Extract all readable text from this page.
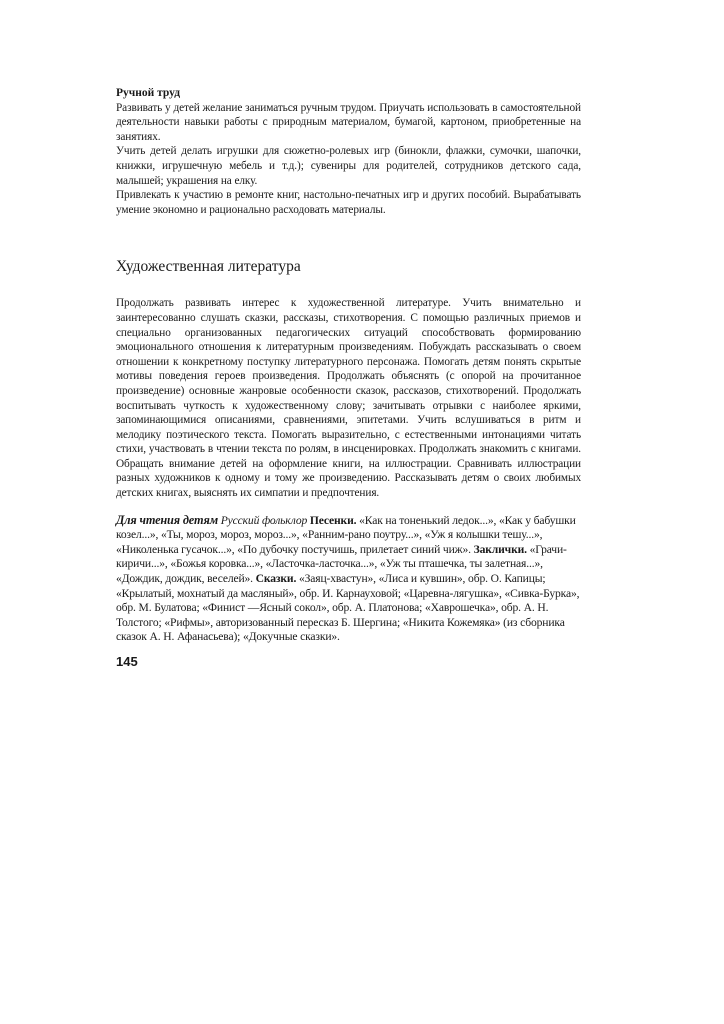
Ручной труд

Развивать у детей желание заниматься ручным трудом. Приучать использовать в самостоятельной деятельности навыки работы с природным материалом, бумагой, картоном, приобретенные на занятиях.

Учить детей делать игрушки для сюжетно-ролевых игр (бинокли, флажки, сумочки, шапочки, книжки, игрушечную мебель и т.д.); сувениры для родителей, сотрудников детского сада, малышей; украшения на елку.

Привлекать к участию в ремонте книг, настольно-печатных игр и других пособий. Вырабатывать умение экономно и рационально расходовать материалы.

Художественная литература

Продолжать развивать интерес к художественной литературе. Учить внимательно и заинтересованно слушать сказки, рассказы, стихотворения. С помощью различных приемов и специально организованных педагогических ситуаций способствовать формированию эмоционального отношения к литературным произведениям. Побуждать рассказывать о своем отношении к конкретному поступку литературного персонажа. Помогать детям понять скрытые мотивы поведения героев произведения. Продолжать объяснять (с опорой на прочитанное произведение) основные жанровые особенности сказок, рассказов, стихотворений. Продолжать воспитывать чуткость к художественному слову; зачитывать отрывки с наиболее яркими, запоминающимися описаниями, сравнениями, эпитетами. Учить вслушиваться в ритм и мелодику поэтического текста. Помогать выразительно, с естественными интонациями читать стихи, участвовать в чтении текста по ролям, в инсценировках. Продолжать знакомить с книгами. Обращать внимание детей на оформление книги, на иллюстрации. Сравнивать иллюстрации разных художников к одному и тому же произведению. Рассказывать детям о своих любимых детских книгах, выяснять их симпатии и предпочтения.

Для чтения детям Русский фольклор Песенки. «Как на тоненький ледок...», «Как у бабушки козел...», «Ты, мороз, мороз, мороз...», «Ранним-рано поутру...», «Уж я колышки тешу...», «Николенька гусачок...», «По дубочку постучишь, прилетает синий чиж». Заклички. «Грачи-киричи...», «Божья коровка...», «Ласточка-ласточка...», «Уж ты пташечка, ты залетная...», «Дождик, дождик, веселей». Сказки. «Заяц-хвастун», «Лиса и кувшин», обр. О. Капицы; «Крылатый, мохнатый да масляный», обр. И. Карнауховой; «Царевна-лягушка», «Сивка-Бурка», обр. М. Булатова; «Финист —Ясный сокол», обр. А. Платонова; «Хаврошечка», обр. А. Н. Толстого; «Рифмы», авторизованный пересказ Б. Шергина; «Никита Кожемяка» (из сборника сказок А. Н. Афанасьева); «Докучные сказки».

145
